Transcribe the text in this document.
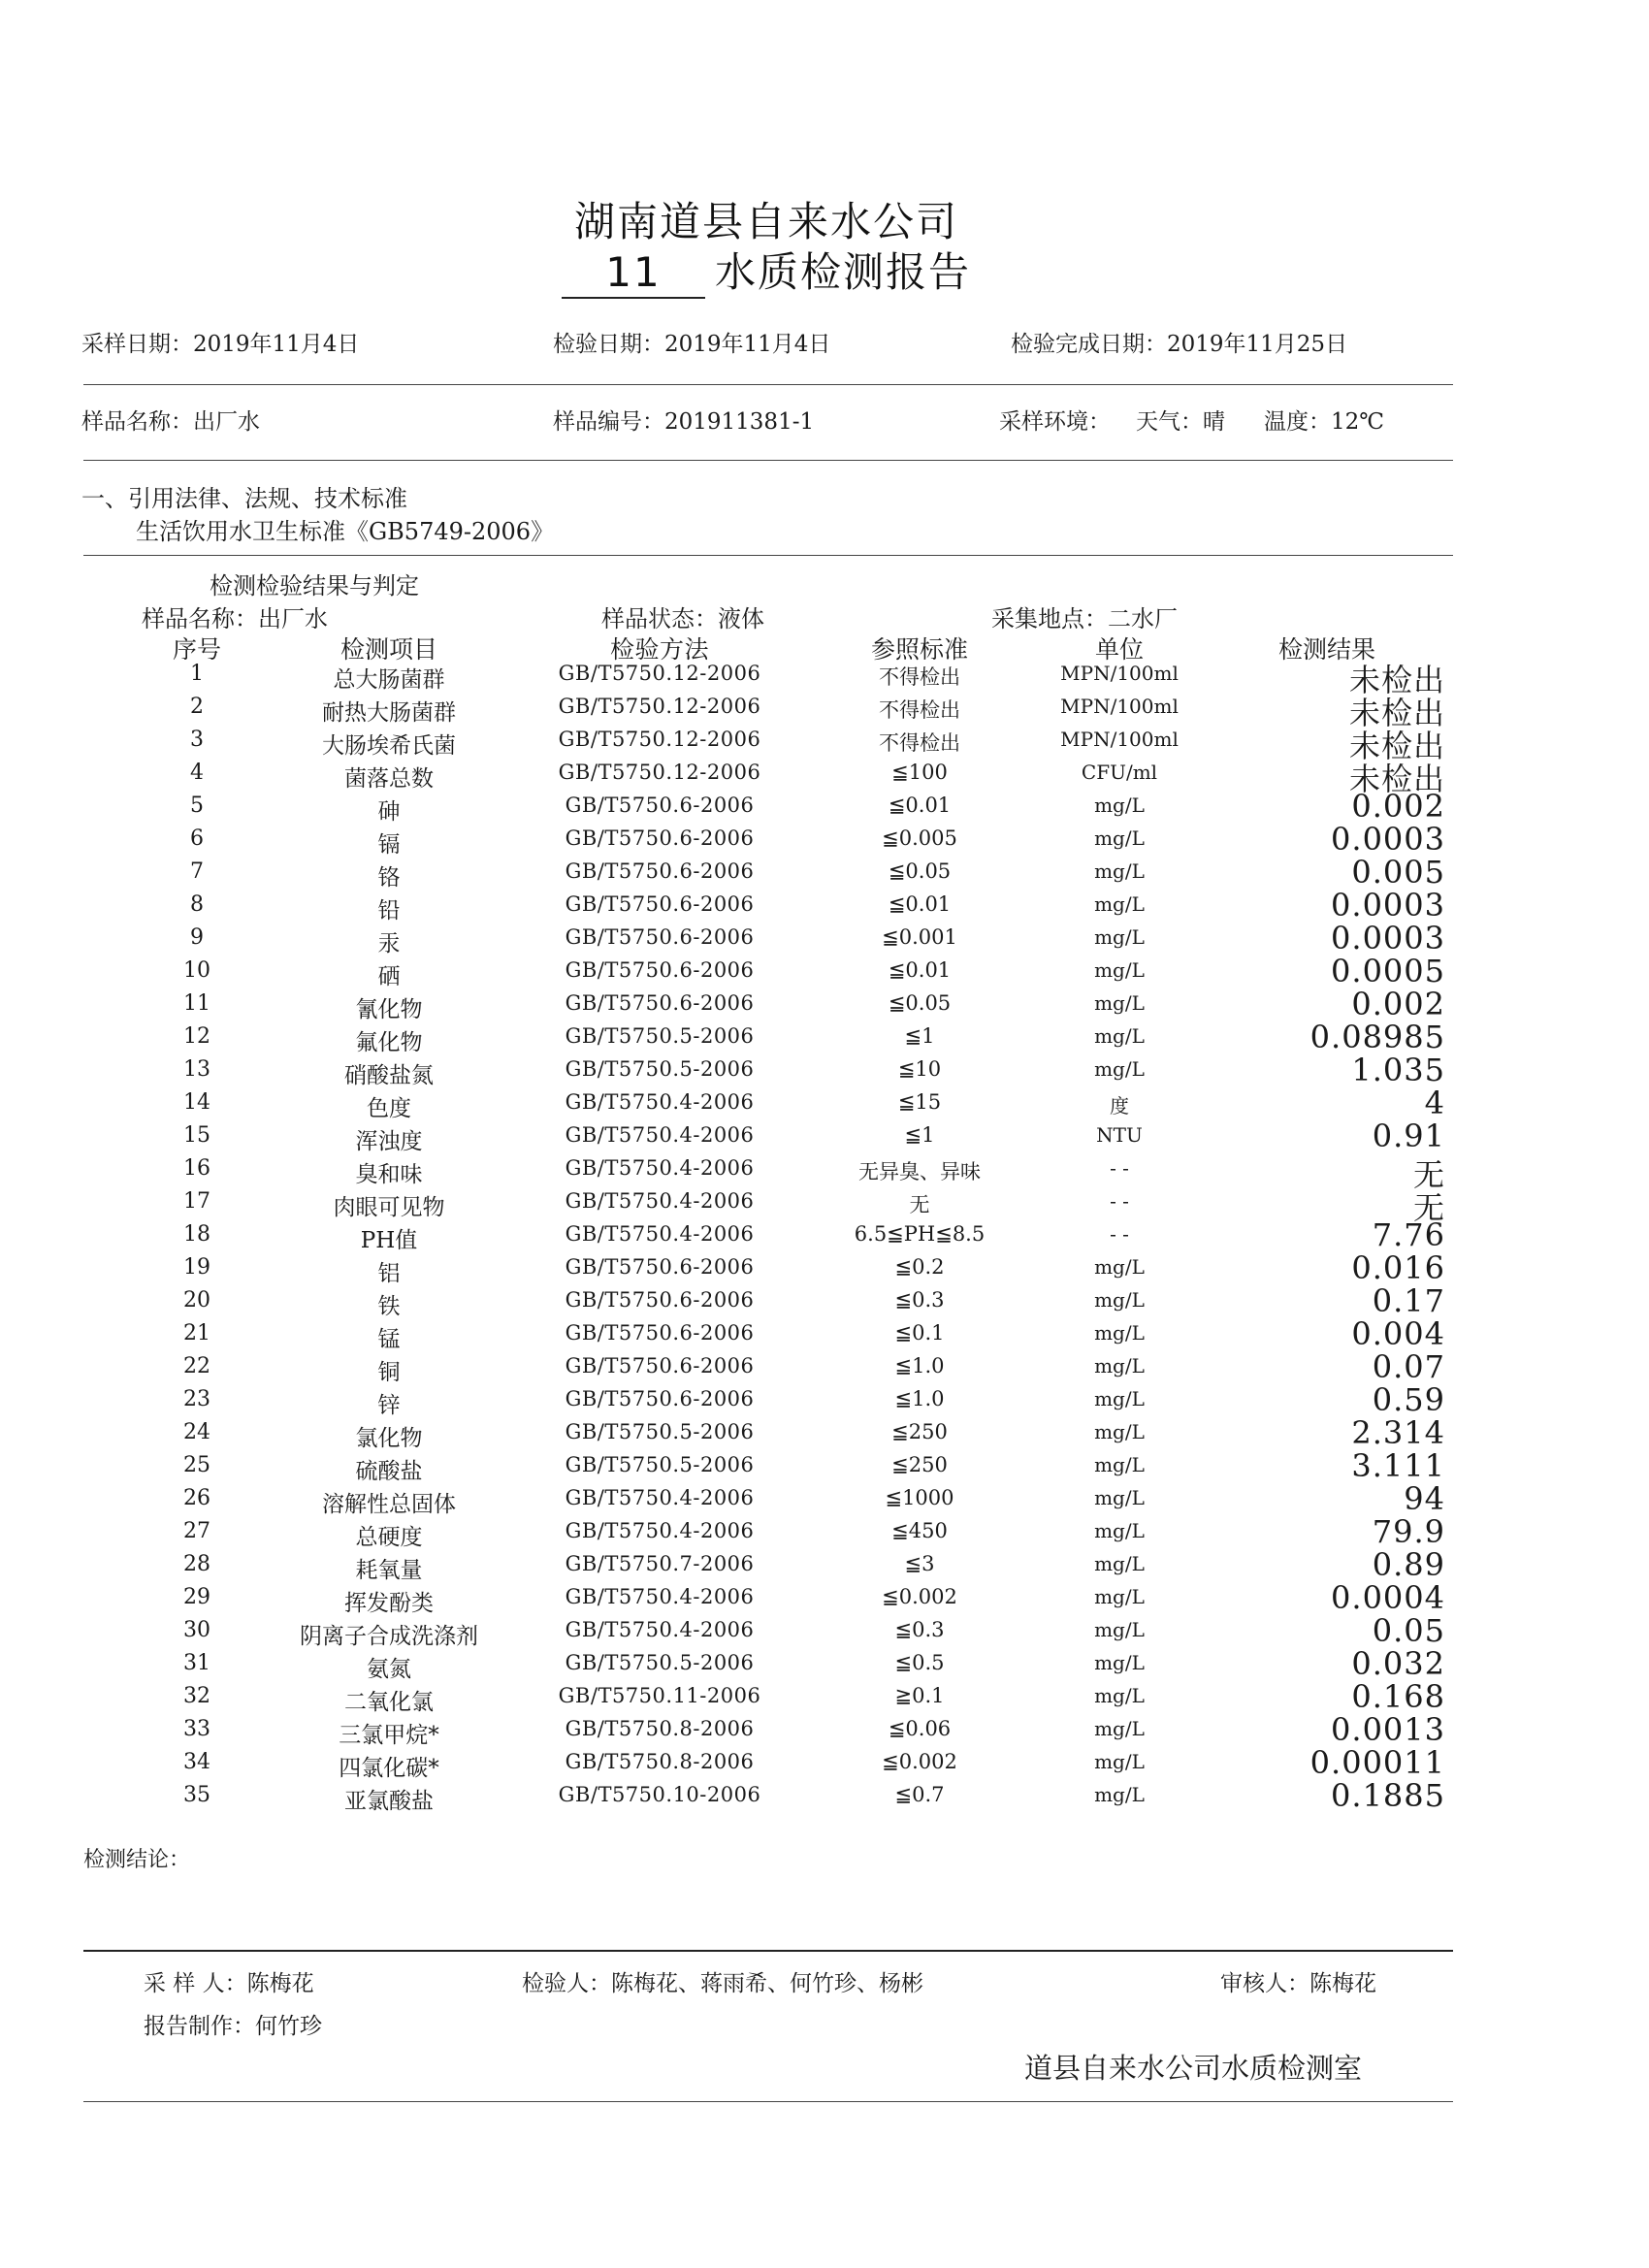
湖南道县自来水公司
11 水质检测报告
采样日期：2019年11月4日	检验日期：2019年11月4日	检验完成日期：2019年11月25日
样品名称：出厂水	样品编号：201911381-1	采样环境： 天气：晴 温度：12℃
一、引用法律、法规、技术标准
生活饮用水卫生标准《GB5749-2006》
检测检验结果与判定
样品名称：出厂水	样品状态：液体	采集地点：二水厂
序号	检测项目	检验方法	参照标准	单位	检测结果
1	总大肠菌群	GB/T5750.12-2006	不得检出	MPN/100ml	未检出
2	耐热大肠菌群	GB/T5750.12-2006	不得检出	MPN/100ml	未检出
3	大肠埃希氏菌	GB/T5750.12-2006	不得检出	MPN/100ml	未检出
4	菌落总数	GB/T5750.12-2006	≦100	CFU/ml	未检出
5	砷	GB/T5750.6-2006	≦0.01	mg/L	0.002
6	镉	GB/T5750.6-2006	≦0.005	mg/L	0.0003
7	铬	GB/T5750.6-2006	≦0.05	mg/L	0.005
8	铅	GB/T5750.6-2006	≦0.01	mg/L	0.0003
9	汞	GB/T5750.6-2006	≦0.001	mg/L	0.0003
10	硒	GB/T5750.6-2006	≦0.01	mg/L	0.0005
11	氰化物	GB/T5750.6-2006	≦0.05	mg/L	0.002
12	氟化物	GB/T5750.5-2006	≦1	mg/L	0.08985
13	硝酸盐氮	GB/T5750.5-2006	≦10	mg/L	1.035
14	色度	GB/T5750.4-2006	≦15	度	4
15	浑浊度	GB/T5750.4-2006	≦1	NTU	0.91
16	臭和味	GB/T5750.4-2006	无异臭、异味	- -	无
17	肉眼可见物	GB/T5750.4-2006	无	- -	无
18	PH值	GB/T5750.4-2006	6.5≦PH≦8.5	- -	7.76
19	铝	GB/T5750.6-2006	≦0.2	mg/L	0.016
20	铁	GB/T5750.6-2006	≦0.3	mg/L	0.17
21	锰	GB/T5750.6-2006	≦0.1	mg/L	0.004
22	铜	GB/T5750.6-2006	≦1.0	mg/L	0.07
23	锌	GB/T5750.6-2006	≦1.0	mg/L	0.59
24	氯化物	GB/T5750.5-2006	≦250	mg/L	2.314
25	硫酸盐	GB/T5750.5-2006	≦250	mg/L	3.111
26	溶解性总固体	GB/T5750.4-2006	≦1000	mg/L	94
27	总硬度	GB/T5750.4-2006	≦450	mg/L	79.9
28	耗氧量	GB/T5750.7-2006	≦3	mg/L	0.89
29	挥发酚类	GB/T5750.4-2006	≦0.002	mg/L	0.0004
30	阴离子合成洗涤剂	GB/T5750.4-2006	≦0.3	mg/L	0.05
31	氨氮	GB/T5750.5-2006	≦0.5	mg/L	0.032
32	二氧化氯	GB/T5750.11-2006	≧0.1	mg/L	0.168
33	三氯甲烷*	GB/T5750.8-2006	≦0.06	mg/L	0.0013
34	四氯化碳*	GB/T5750.8-2006	≦0.002	mg/L	0.00011
35	亚氯酸盐	GB/T5750.10-2006	≦0.7	mg/L	0.1885
检测结论：
采 样 人：陈梅花	检验人：陈梅花、蒋雨希、何竹珍、杨彬	审核人：陈梅花
报告制作：何竹珍
道县自来水公司水质检测室
